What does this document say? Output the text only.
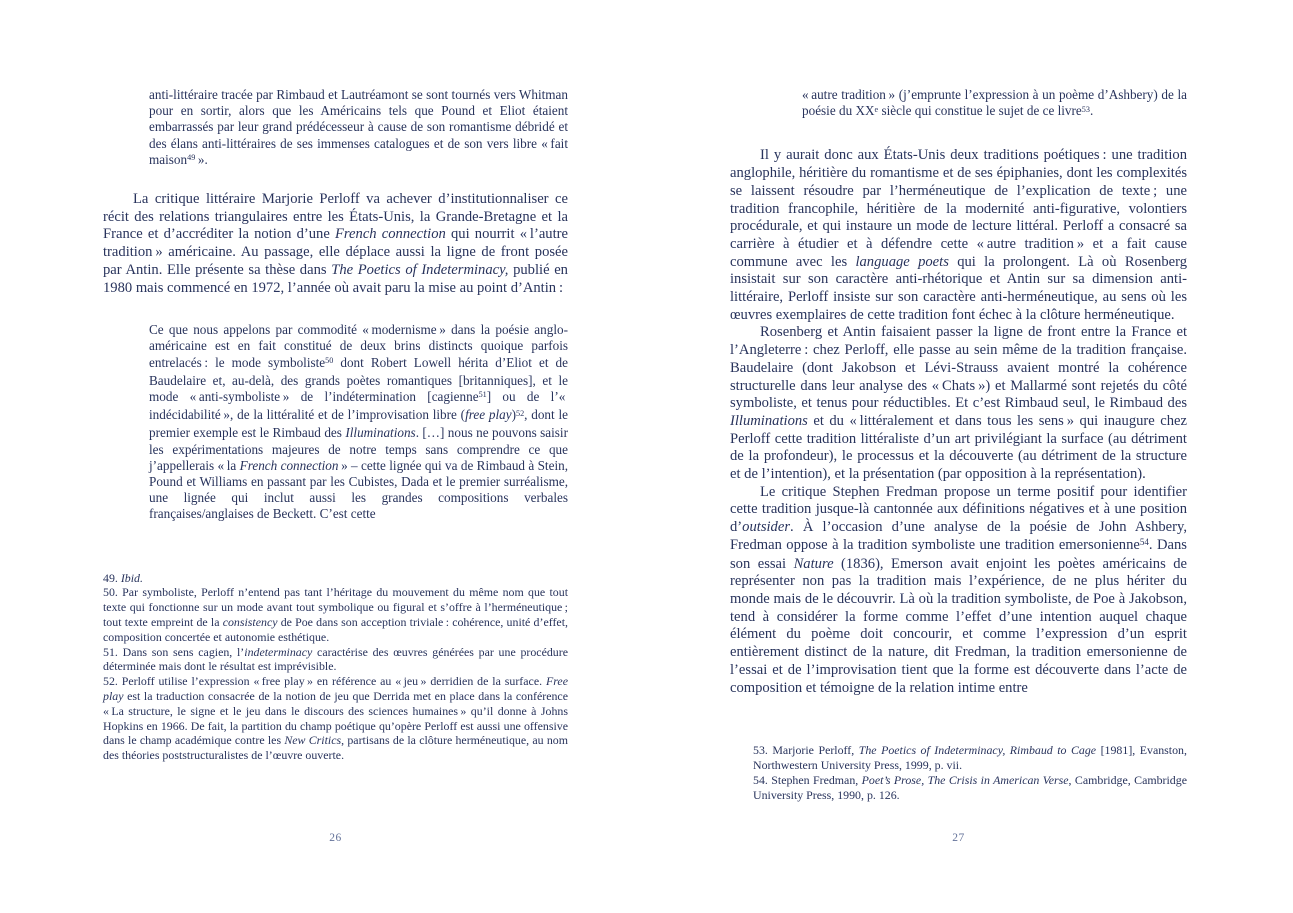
anti-littéraire tracée par Rimbaud et Lautréamont se sont tournés vers Whitman pour en sortir, alors que les Américains tels que Pound et Eliot étaient embarrassés par leur grand prédécesseur à cause de son romantisme débridé et des élans anti-littéraires de ses immenses catalogues et de son vers libre « fait maison$^{49}$ ».

La critique littéraire Marjorie Perloff va achever d’institutionnaliser ce récit des relations triangulaires entre les États-Unis, la Grande-Bretagne et la France et d’accréditer la notion d’une French connection qui nourrit « l’autre tradition » américaine. Au passage, elle déplace aussi la ligne de front posée par Antin. Elle présente sa thèse dans The Poetics of Indeterminacy, publié en 1980 mais commencé en 1972, l’année où avait paru la mise au point d’Antin :

Ce que nous appelons par commodité « modernisme » dans la poésie anglo-américaine est en fait constitué de deux brins distincts quoique parfois entrelacés : le mode symboliste$^{50}$ dont Robert Lowell hérita d’Eliot et de Baudelaire et, au-delà, des grands poètes romantiques [britanniques], et le mode « anti-symboliste » de l’indétermination [cagienne$^{51}$] ou de l’« indécidabilité », de la littéralité et de l’improvisation libre (free play)$^{52}$, dont le premier exemple est le Rimbaud des Illuminations. […] nous ne pouvons saisir les expérimentations majeures de notre temps sans comprendre ce que j’appellerais « la French connection » – cette lignée qui va de Rimbaud à Stein, Pound et Williams en passant par les Cubistes, Dada et le premier surréalisme, une lignée qui inclut aussi les grandes compositions verbales françaises/anglaises de Beckett. C’est cette

49. Ibid.

50. Par symboliste, Perloff n’entend pas tant l’héritage du mouvement du même nom que tout texte qui fonctionne sur un mode avant tout symbolique ou figural et s’offre à l’herméneutique ; tout texte empreint de la consistency de Poe dans son acception triviale : cohérence, unité d’effet, composition concertée et autonomie esthétique.

51. Dans son sens cagien, l’indeterminacy caractérise des œuvres générées par une procédure déterminée mais dont le résultat est imprévisible.

52. Perloff utilise l’expression « free play » en référence au « jeu » derridien de la surface. Free play est la traduction consacrée de la notion de jeu que Derrida met en place dans la conférence « La structure, le signe et le jeu dans le discours des sciences humaines » qu’il donne à Johns Hopkins en 1966. De fait, la partition du champ poétique qu’opère Perloff est aussi une offensive dans le champ académique contre les New Critics, partisans de la clôture herméneutique, au nom des théories poststructuralistes de l’œuvre ouverte.

26

« autre tradition » (j’emprunte l’expression à un poème d’Ashbery) de la poésie du XXe siècle qui constitue le sujet de ce livre$^{53}$.

Il y aurait donc aux États-Unis deux traditions poétiques : une tradition anglophile, héritière du romantisme et de ses épiphanies, dont les complexités se laissent résoudre par l’herméneutique de l’explication de texte ; une tradition francophile, héritière de la modernité anti-figurative, volontiers procédurale, et qui instaure un mode de lecture littéral. Perloff a consacré sa carrière à étudier et à défendre cette « autre tradition » et a fait cause commune avec les language poets qui la prolongent. Là où Rosenberg insistait sur son caractère anti-rhétorique et Antin sur sa dimension anti-littéraire, Perloff insiste sur son caractère anti-herméneutique, au sens où les œuvres exemplaires de cette tradition font échec à la clôture herméneutique.

Rosenberg et Antin faisaient passer la ligne de front entre la France et l’Angleterre : chez Perloff, elle passe au sein même de la tradition française. Baudelaire (dont Jakobson et Lévi-Strauss avaient montré la cohérence structurelle dans leur analyse des « Chats ») et Mallarmé sont rejetés du côté symboliste, et tenus pour réductibles. Et c’est Rimbaud seul, le Rimbaud des Illuminations et du « littéralement et dans tous les sens » qui inaugure chez Perloff cette tradition littéraliste d’un art privilégiant la surface (au détriment de la profondeur), le processus et la découverte (au détriment de la structure et de l’intention), et la présentation (par opposition à la représentation).

Le critique Stephen Fredman propose un terme positif pour identifier cette tradition jusque-là cantonnée aux définitions négatives et à une position d’outsider. À l’occasion d’une analyse de la poésie de John Ashbery, Fredman oppose à la tradition symboliste une tradition emersonienne$^{54}$. Dans son essai Nature (1836), Emerson avait enjoint les poètes américains de représenter non pas la tradition mais l’expérience, de ne plus hériter du monde mais de le découvrir. Là où la tradition symboliste, de Poe à Jakobson, tend à considérer la forme comme l’effet d’une intention auquel chaque élément du poème doit concourir, et comme l’expression d’un esprit entièrement distinct de la nature, dit Fredman, la tradition emersonienne de l’essai et de l’improvisation tient que la forme est découverte dans l’acte de composition et témoigne de la relation intime entre

53. Marjorie Perloff, The Poetics of Indeterminacy, Rimbaud to Cage [1981], Evanston, Northwestern University Press, 1999, p. vii.

54. Stephen Fredman, Poet’s Prose, The Crisis in American Verse, Cambridge, Cambridge University Press, 1990, p. 126.

27
